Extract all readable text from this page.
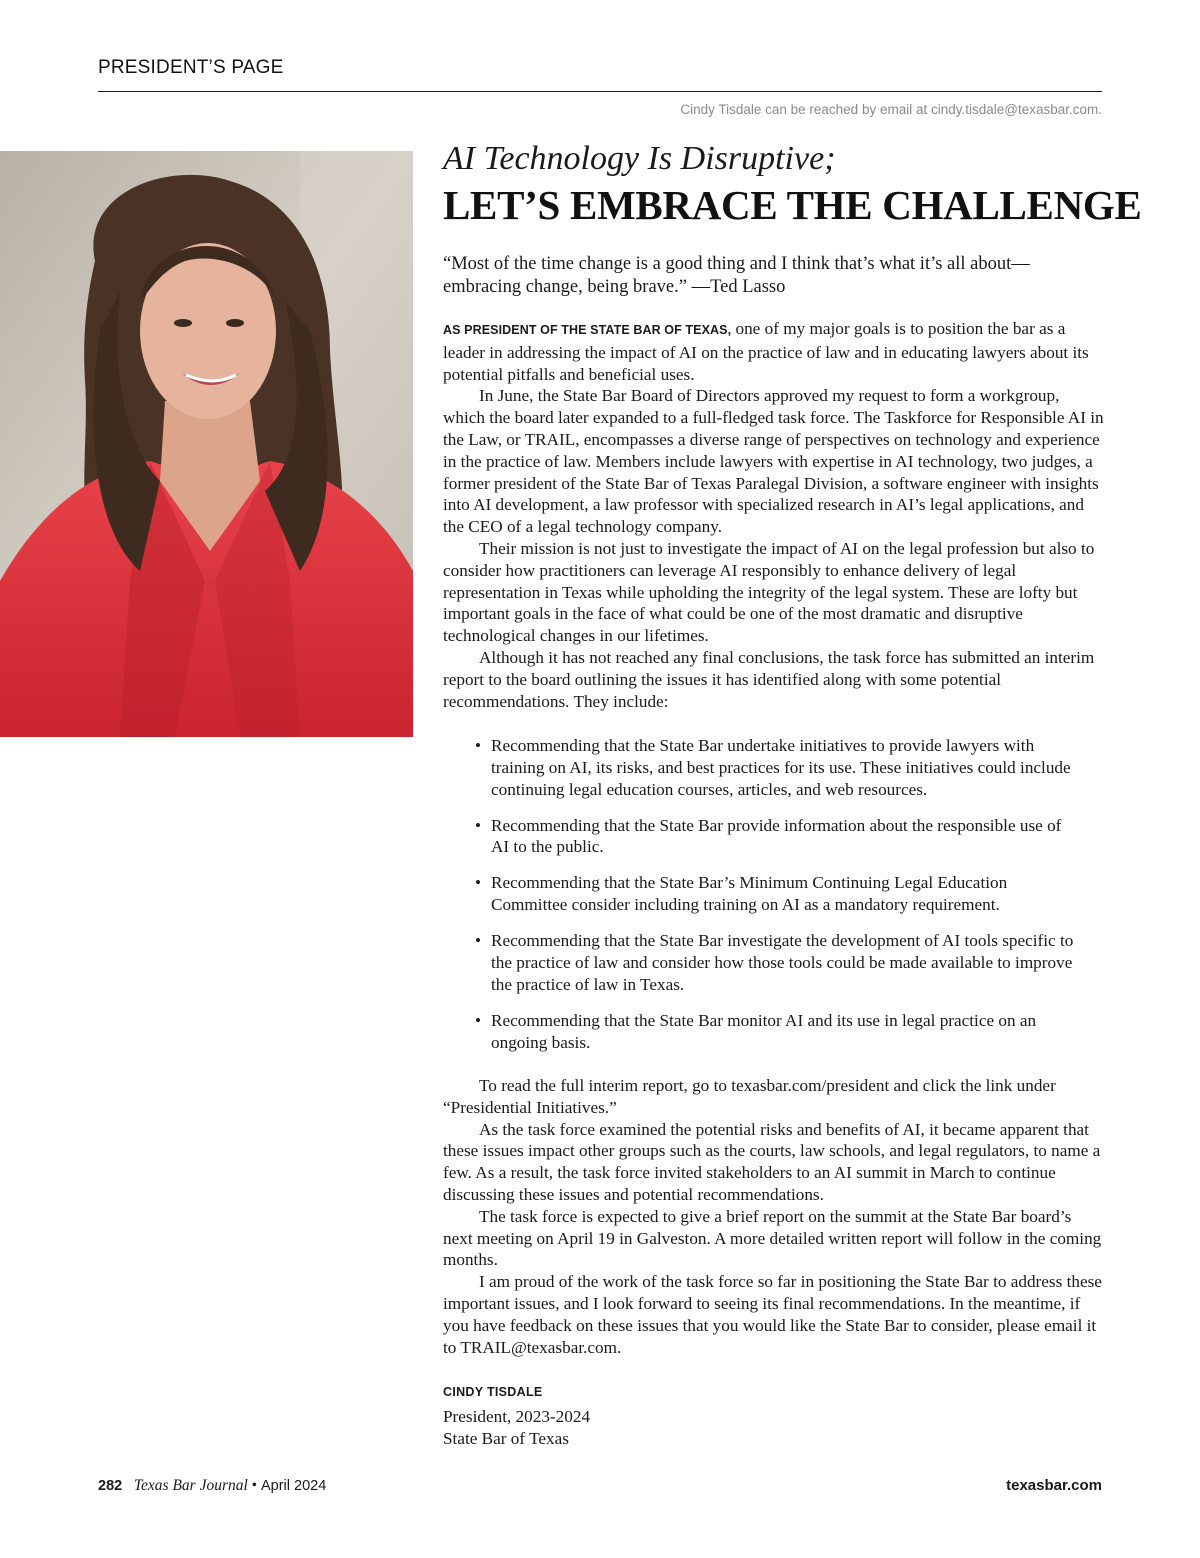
PRESIDENT’S PAGE
Cindy Tisdale can be reached by email at cindy.tisdale@texasbar.com.
AI Technology Is Disruptive;
LET’S EMBRACE THE CHALLENGE
“Most of the time change is a good thing and I think that’s what it’s all about—embracing change, being brave.” —Ted Lasso

AS PRESIDENT OF THE STATE BAR OF TEXAS, one of my major goals is to position the bar as a leader in addressing the impact of AI on the practice of law and in educating lawyers about its potential pitfalls and beneficial uses.

In June, the State Bar Board of Directors approved my request to form a workgroup, which the board later expanded to a full-fledged task force. The Taskforce for Responsible AI in the Law, or TRAIL, encompasses a diverse range of perspectives on technology and experience in the practice of law. Members include lawyers with expertise in AI technology, two judges, a former president of the State Bar of Texas Paralegal Division, a software engineer with insights into AI development, a law professor with specialized research in AI’s legal applications, and the CEO of a legal technology company.

Their mission is not just to investigate the impact of AI on the legal profession but also to consider how practitioners can leverage AI responsibly to enhance delivery of legal representation in Texas while upholding the integrity of the legal system. These are lofty but important goals in the face of what could be one of the most dramatic and disruptive technological changes in our lifetimes.

Although it has not reached any final conclusions, the task force has submitted an interim report to the board outlining the issues it has identified along with some potential recommendations. They include:

• Recommending that the State Bar undertake initiatives to provide lawyers with training on AI, its risks, and best practices for its use. These initiatives could include continuing legal education courses, articles, and web resources.
• Recommending that the State Bar provide information about the responsible use of AI to the public.
• Recommending that the State Bar’s Minimum Continuing Legal Education Committee consider including training on AI as a mandatory requirement.
• Recommending that the State Bar investigate the development of AI tools specific to the practice of law and consider how those tools could be made available to improve the practice of law in Texas.
• Recommending that the State Bar monitor AI and its use in legal practice on an ongoing basis.

To read the full interim report, go to texasbar.com/president and click the link under “Presidential Initiatives.”

As the task force examined the potential risks and benefits of AI, it became apparent that these issues impact other groups such as the courts, law schools, and legal regulators, to name a few. As a result, the task force invited stakeholders to an AI summit in March to continue discussing these issues and potential recommendations.

The task force is expected to give a brief report on the summit at the State Bar board’s next meeting on April 19 in Galveston. A more detailed written report will follow in the coming months.

I am proud of the work of the task force so far in positioning the State Bar to address these important issues, and I look forward to seeing its final recommendations. In the meantime, if you have feedback on these issues that you would like the State Bar to consider, please email it to TRAIL@texasbar.com.

CINDY TISDALE
President, 2023-2024
State Bar of Texas
282 Texas Bar Journal • April 2024	texasbar.com
